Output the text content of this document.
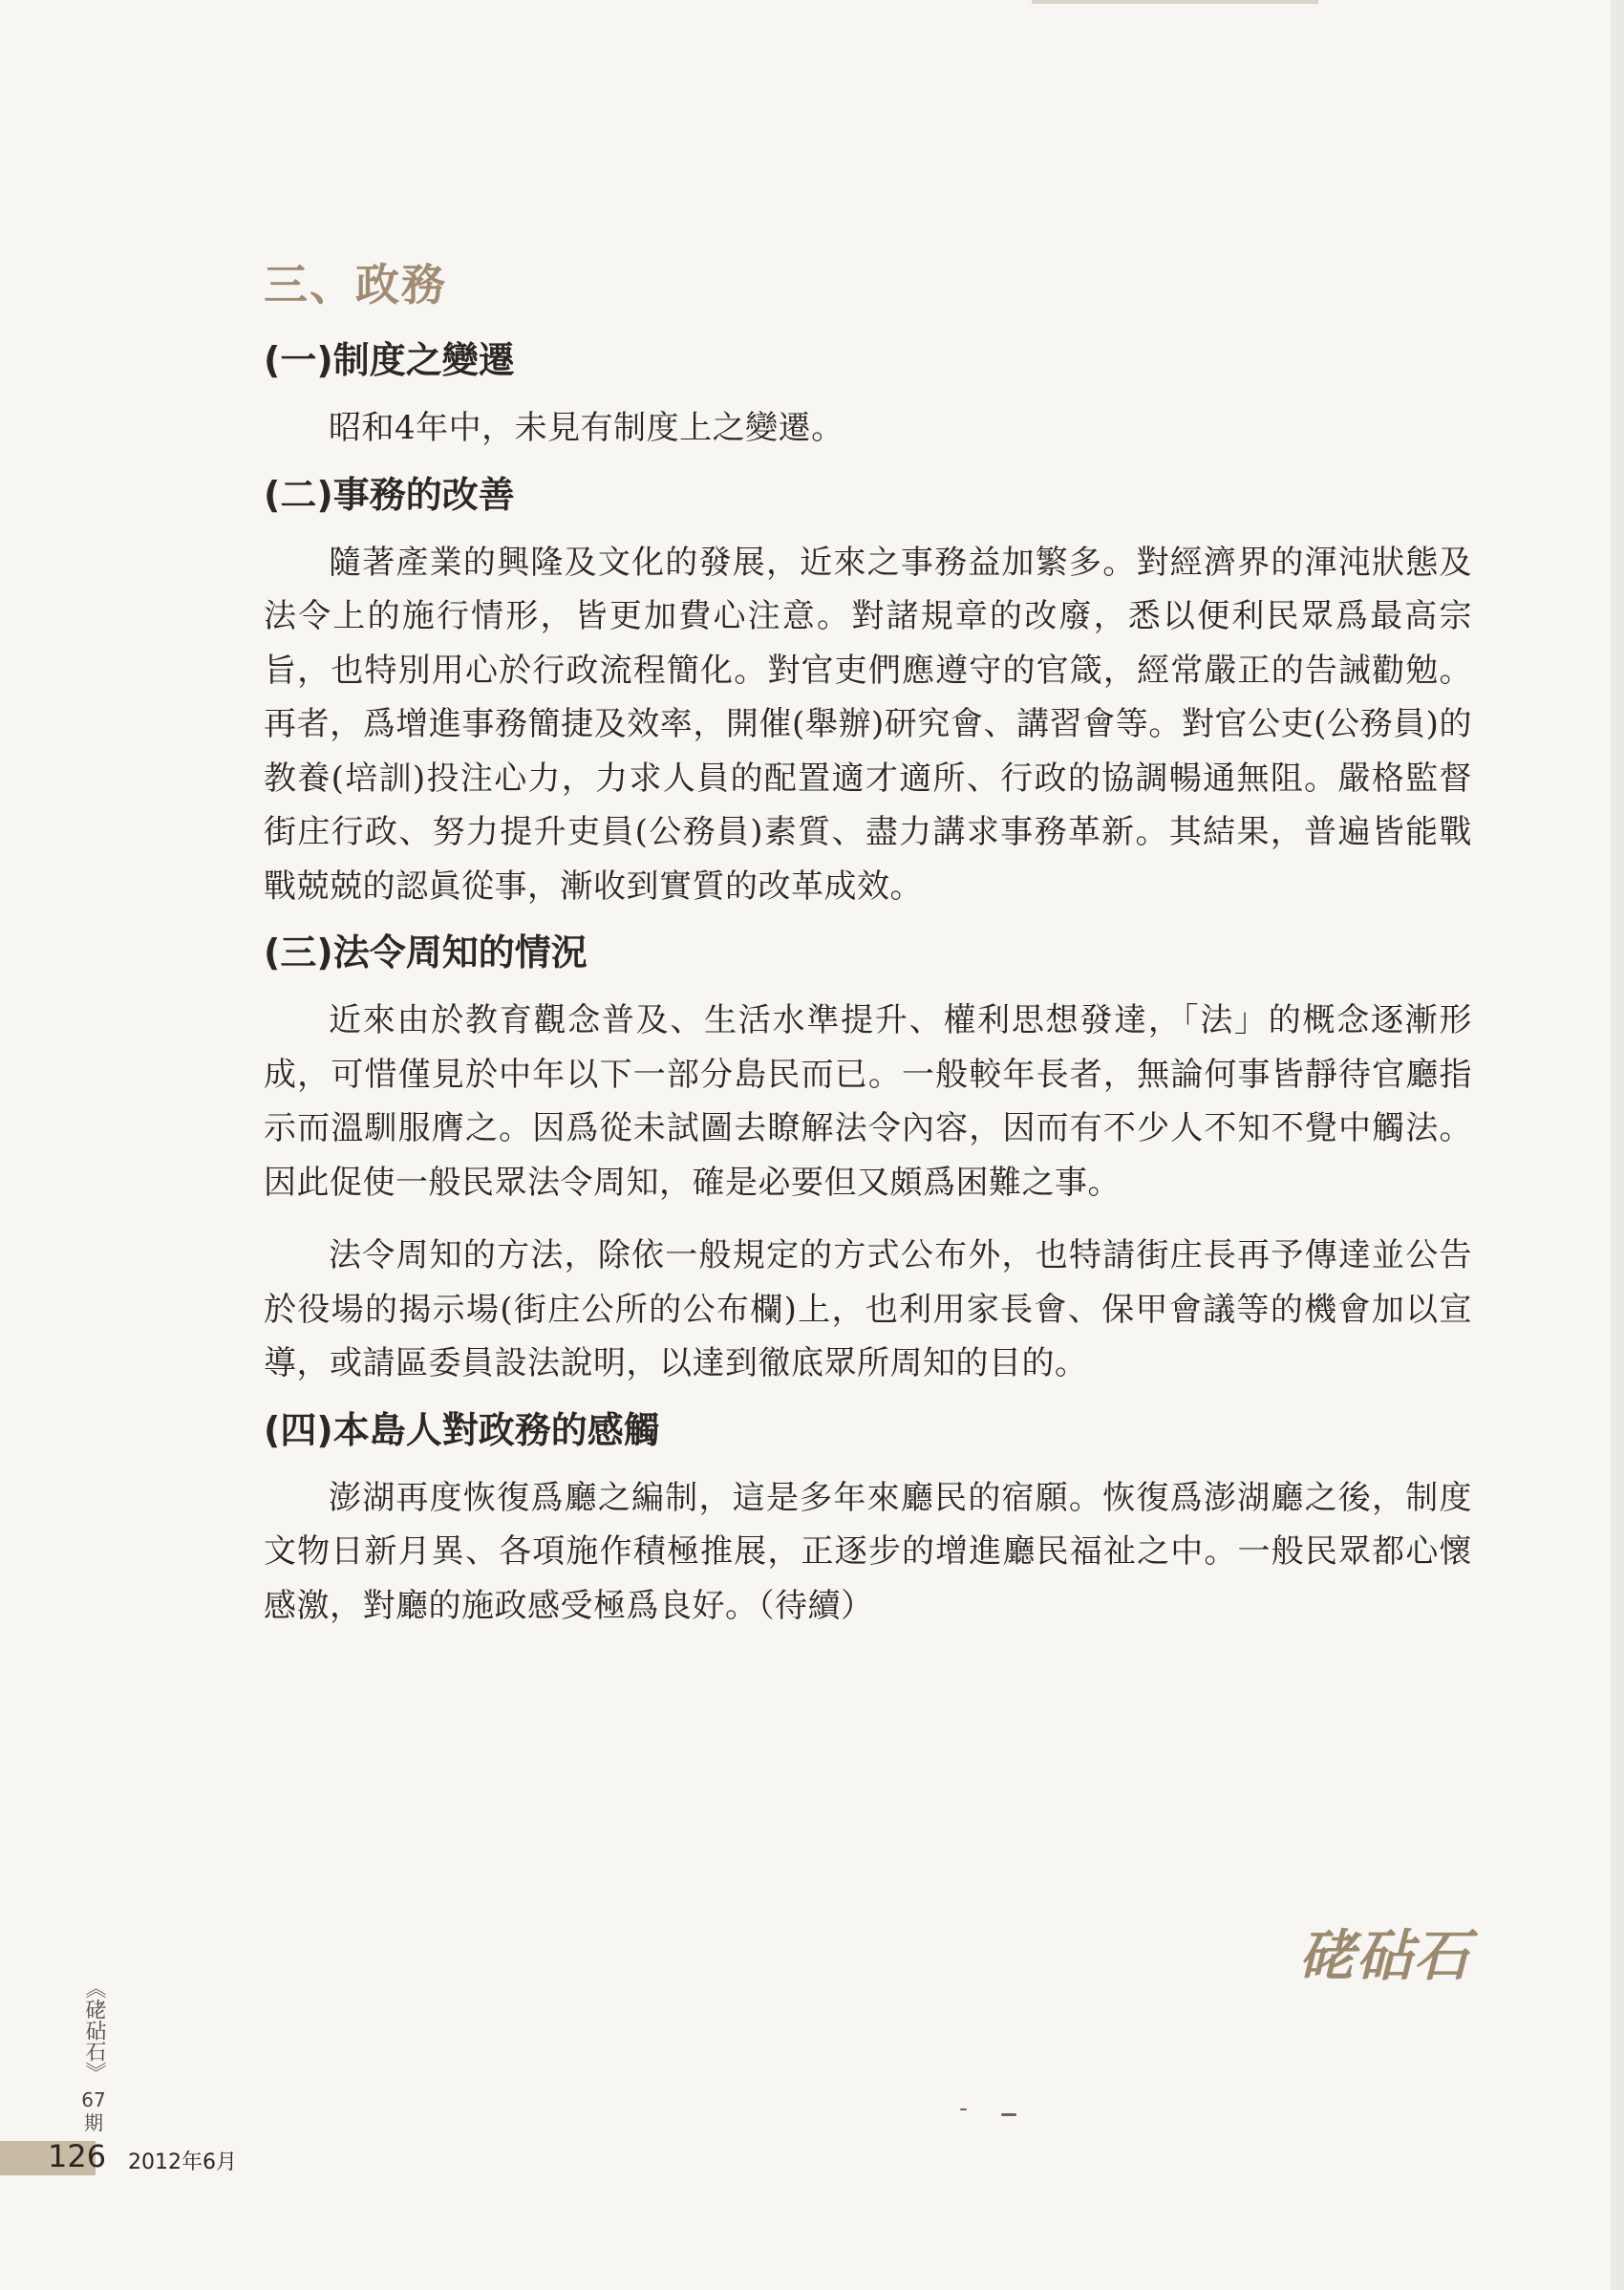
三、政務
(一)制度之變遷

昭和4年中，未見有制度上之變遷。

(二)事務的改善

隨著產業的興隆及文化的發展，近來之事務益加繁多。對經濟界的渾沌狀態及法令上的施行情形，皆更加費心注意。對諸規章的改廢，悉以便利民眾爲最高宗旨，也特別用心於行政流程簡化。對官吏們應遵守的官箴，經常嚴正的告誡勸勉。再者，爲增進事務簡捷及效率，開催(舉辦)研究會、講習會等。對官公吏(公務員)的教養(培訓)投注心力，力求人員的配置適才適所、行政的協調暢通無阻。嚴格監督街庄行政、努力提升吏員(公務員)素質、盡力講求事務革新。其結果，普遍皆能戰戰兢兢的認眞從事，漸收到實質的改革成效。

(三)法令周知的情況

近來由於教育觀念普及、生活水準提升、權利思想發達，「法」的概念逐漸形成，可惜僅見於中年以下一部分島民而已。一般較年長者，無論何事皆靜待官廳指示而溫馴服膺之。因爲從未試圖去瞭解法令內容，因而有不少人不知不覺中觸法。因此促使一般民眾法令周知，確是必要但又頗爲困難之事。

法令周知的方法，除依一般規定的方式公布外，也特請街庄長再予傳達並公告於役場的揭示場(街庄公所的公布欄)上，也利用家長會、保甲會議等的機會加以宣導，或請區委員設法說明，以達到徹底眾所周知的目的。

(四)本島人對政務的感觸

澎湖再度恢復爲廳之編制，這是多年來廳民的宿願。恢復爲澎湖廳之後，制度文物日新月異、各項施作積極推展，正逐步的增進廳民福祉之中。一般民眾都心懷感激，對廳的施政感受極爲良好。（待續）

硓砧石
《硓砧石》
67期
126 2012年6月
